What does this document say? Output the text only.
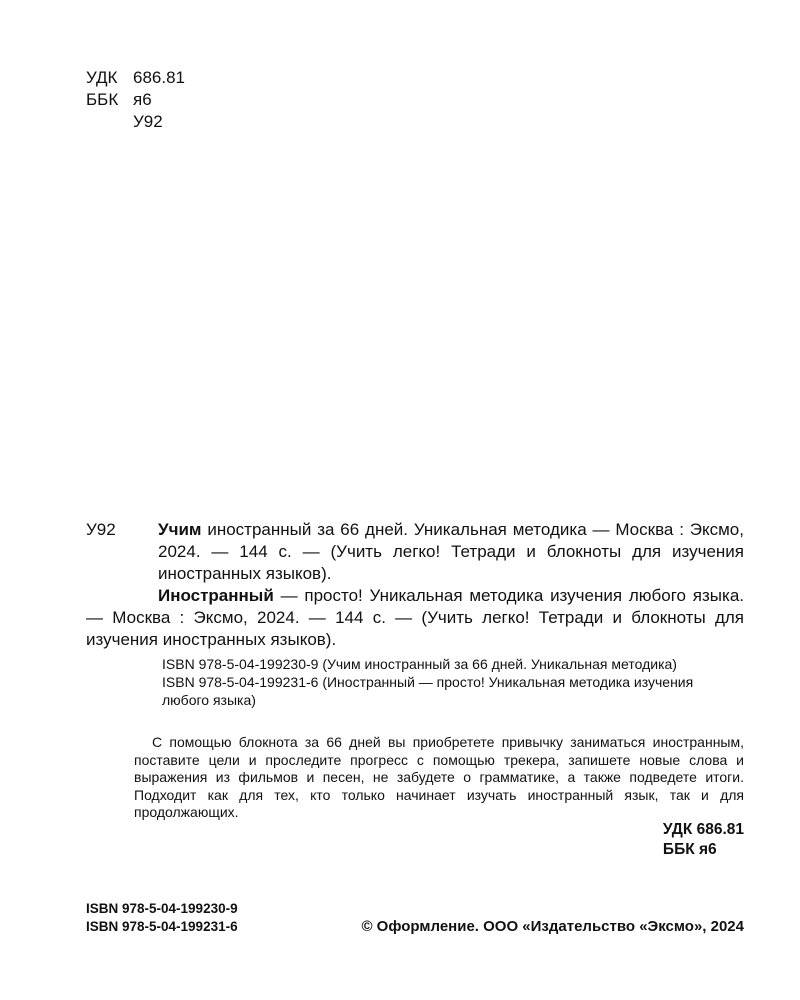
УДК 686.81
ББК я6
У92

У92 Учим иностранный за 66 дней. Уникальная методика — Москва : Эксмо, 2024. — 144 с. — (Учить легко! Тетради и блокноты для изучения иностранных языков).

Иностранный — просто! Уникальная методика изучения любого языка. — Москва : Эксмо, 2024. — 144 с. — (Учить легко! Тетради и блокноты для изучения иностранных языков).

ISBN 978-5-04-199230-9 (Учим иностранный за 66 дней. Уникальная методика)

ISBN 978-5-04-199231-6 (Иностранный — просто! Уникальная методика изучения любого языка)

С помощью блокнота за 66 дней вы приобретете привычку заниматься иностранным, поставите цели и проследите прогресс с помощью трекера, запишете новые слова и выражения из фильмов и песен, не забудете о грамматике, а также подведете итоги. Подходит как для тех, кто только начинает изучать иностранный язык, так и для продолжающих.

УДК 686.81
ББК я6
ISBN 978-5-04-199230-9
ISBN 978-5-04-199231-6	© Оформление. ООО «Издательство «Эксмо», 2024
